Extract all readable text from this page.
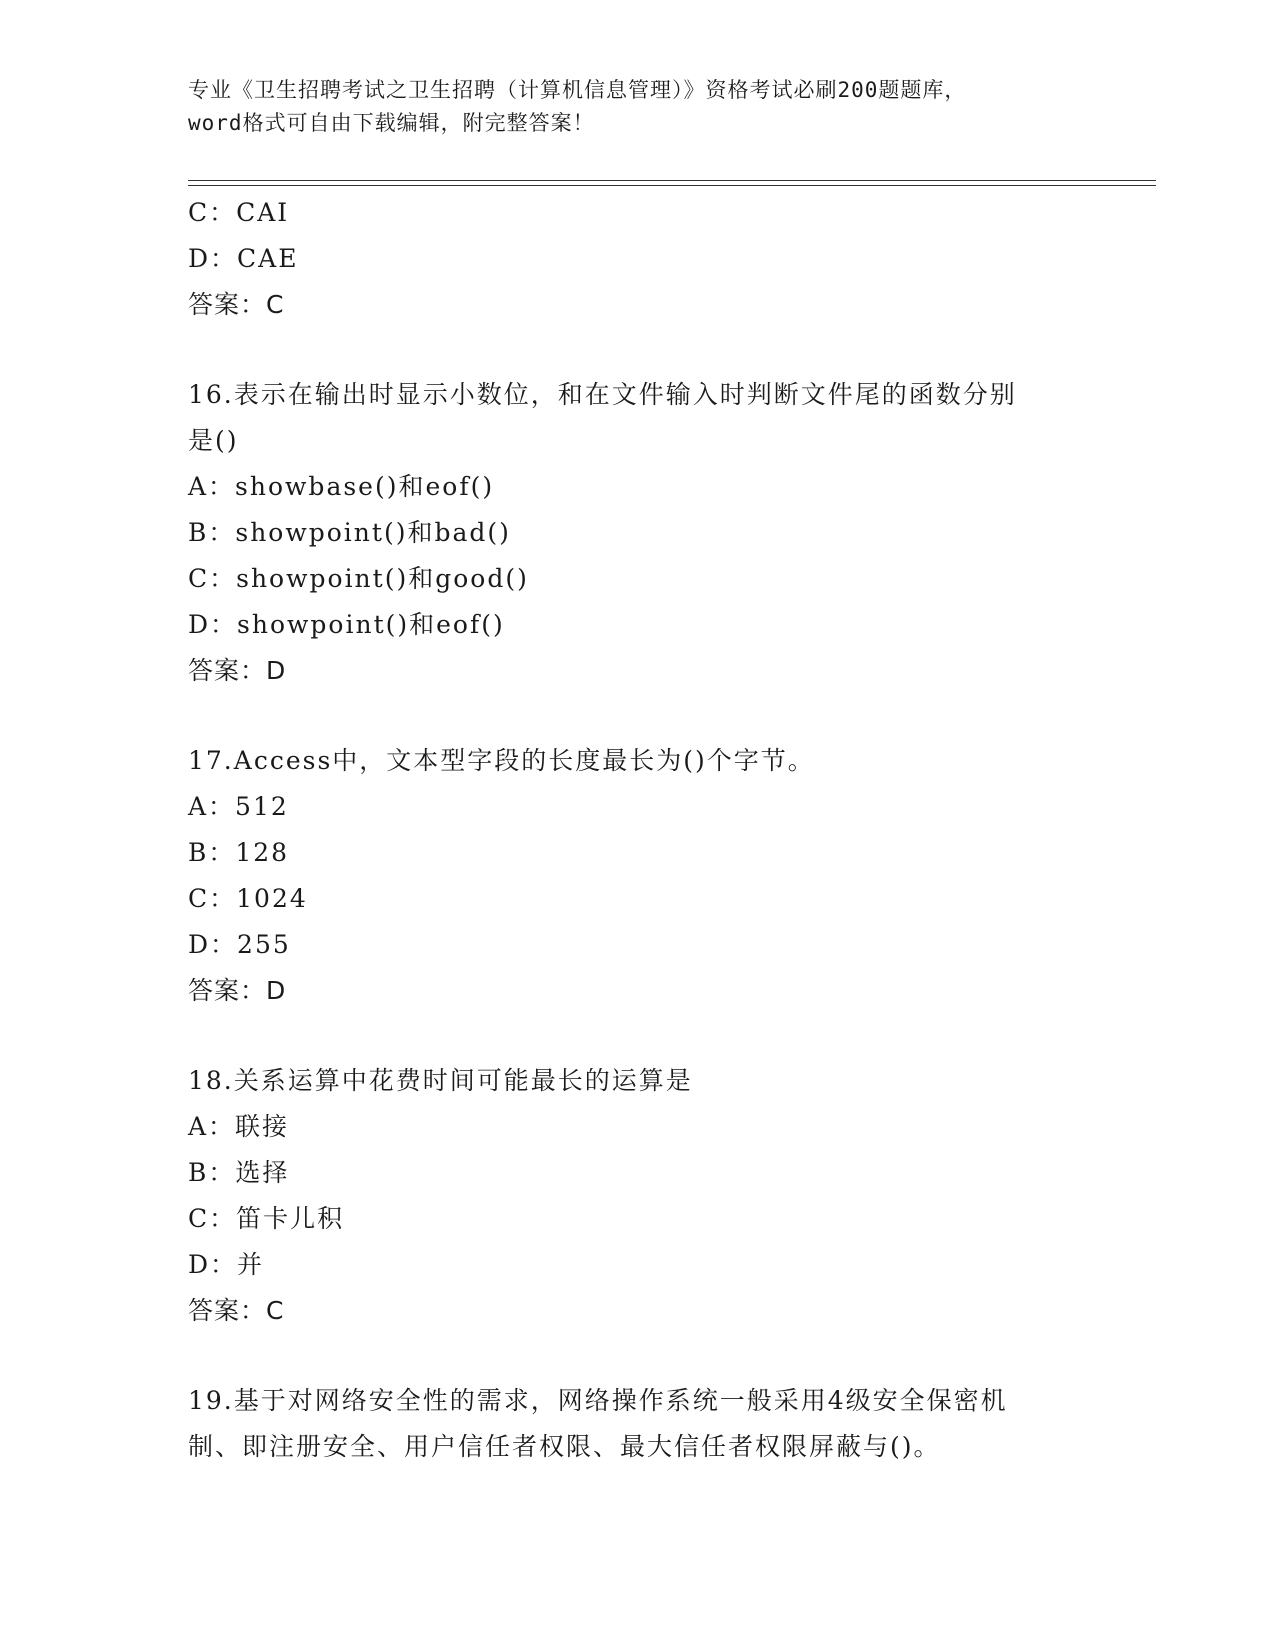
专业《卫生招聘考试之卫生招聘（计算机信息管理）》资格考试必刷200题题库，
word格式可自由下载编辑，附完整答案！
C：CAI
D：CAE
答案：C
16.表示在输出时显示小数位，和在文件输入时判断文件尾的函数分别
是()
A：showbase()和eof()
B：showpoint()和bad()
C：showpoint()和good()
D：showpoint()和eof()
答案：D
17.Access中，文本型字段的长度最长为()个字节。
A：512
B：128
C：1024
D：255
答案：D
18.关系运算中花费时间可能最长的运算是
A：联接
B：选择
C：笛卡儿积
D：并
答案：C
19.基于对网络安全性的需求，网络操作系统一般采用4级安全保密机
制、即注册安全、用户信任者权限、最大信任者权限屏蔽与()。
